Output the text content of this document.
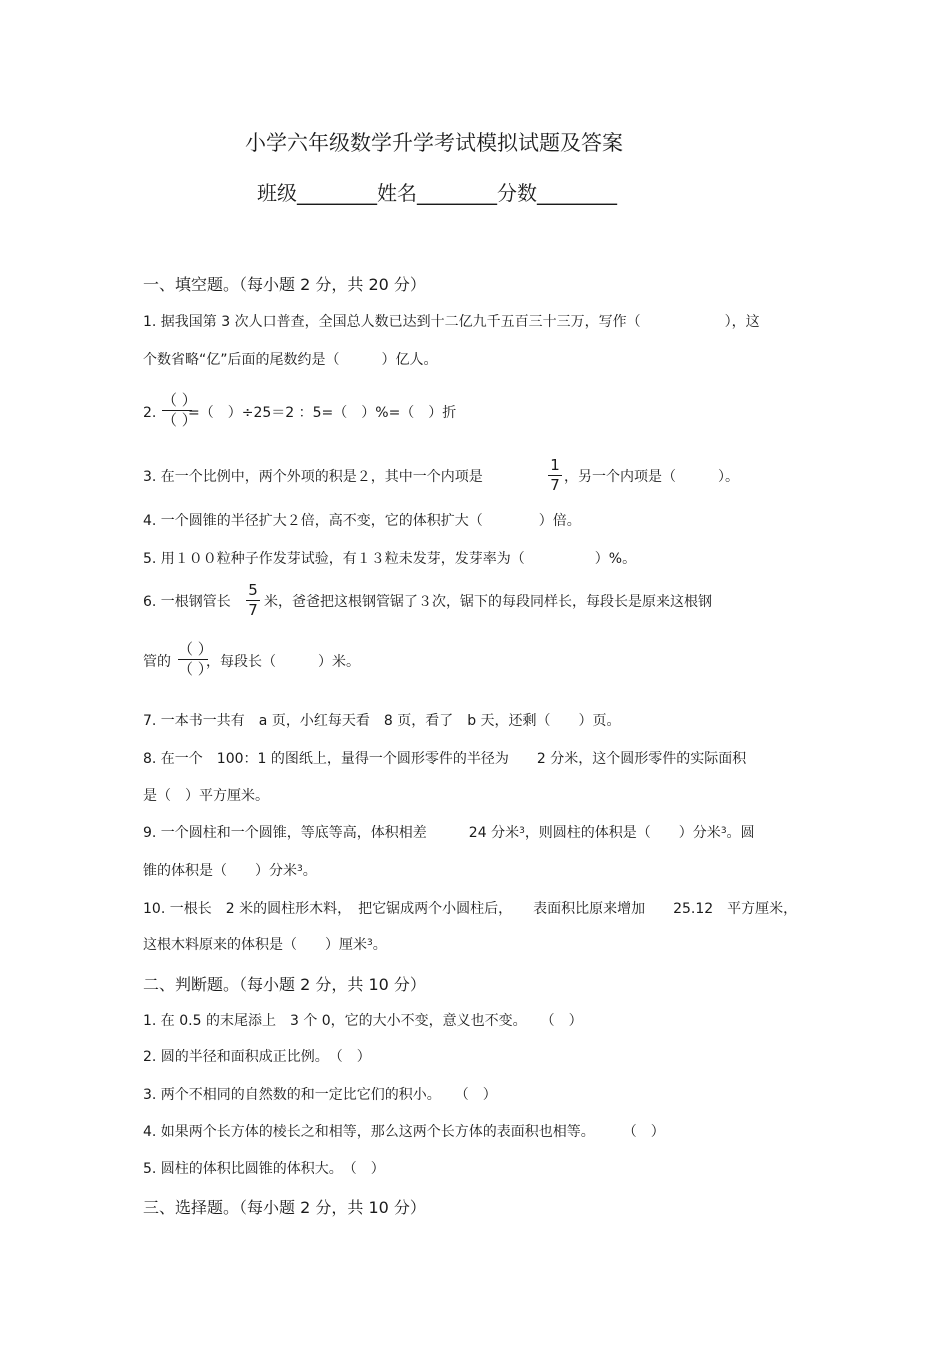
小学六年级数学升学考试模拟试题及答案
班级________姓名________分数________
一、填空题。（每小题 2 分，共 20 分）
1. 据我国第 3 次人口普查，全国总人数已达到十二亿九千五百三十三万，写作（　　　　　　），这
个数省略“亿”后面的尾数约是（　　　）亿人。
2.
（ ）
（ ）
=（　）÷25＝2 ：5=（　）%=（　）折
3. 在一个比例中，两个外项的积是２，其中一个内项是
1
7 ，另一个内项是（　　　）。
4. 一个圆锥的半径扩大２倍，高不变，它的体积扩大（　　　　）倍。
5. 用１００粒种子作发芽试验，有１３粒未发芽，发芽率为（　　　　　）%。
6. 一根钢管长
5
7 米，爸爸把这根钢管锯了３次，锯下的每段同样长，每段长是原来这根钢
管的
（ ）
（ ）
，每段长（　　　）米。
7. 一本书一共有　a 页，小红每天看　8 页，看了　b 天，还剩（　　）页。
8. 在一个　100：1 的图纸上，量得一个圆形零件的半径为　　2 分米，这个圆形零件的实际面积
是（　）平方厘米。
9. 一个圆柱和一个圆锥，等底等高，体积相差　　　24 分米$^3$，则圆柱的体积是（　　）分米$^3$。圆
锥的体积是（　　）分米$^3$。
10. 一根长　2 米的圆柱形木料，　把它锯成两个小圆柱后，　　表面积比原来增加　　25.12　平方厘米，
这根木料原来的体积是（　　）厘米$^3$。
二、判断题。（每小题 2 分，共 10 分）
1. 在 0.5 的末尾添上　3 个 0，它的大小不变，意义也不变。　　（　）
2. 圆的半径和面积成正比例。　（　）
3. 两个不相同的自然数的和一定比它们的积小。　　（　）
4. 如果两个长方体的棱长之和相等，那么这两个长方体的表面积也相等。　　　（　）
5. 圆柱的体积比圆锥的体积大。　（　）
三、选择题。（每小题 2 分，共 10 分）
